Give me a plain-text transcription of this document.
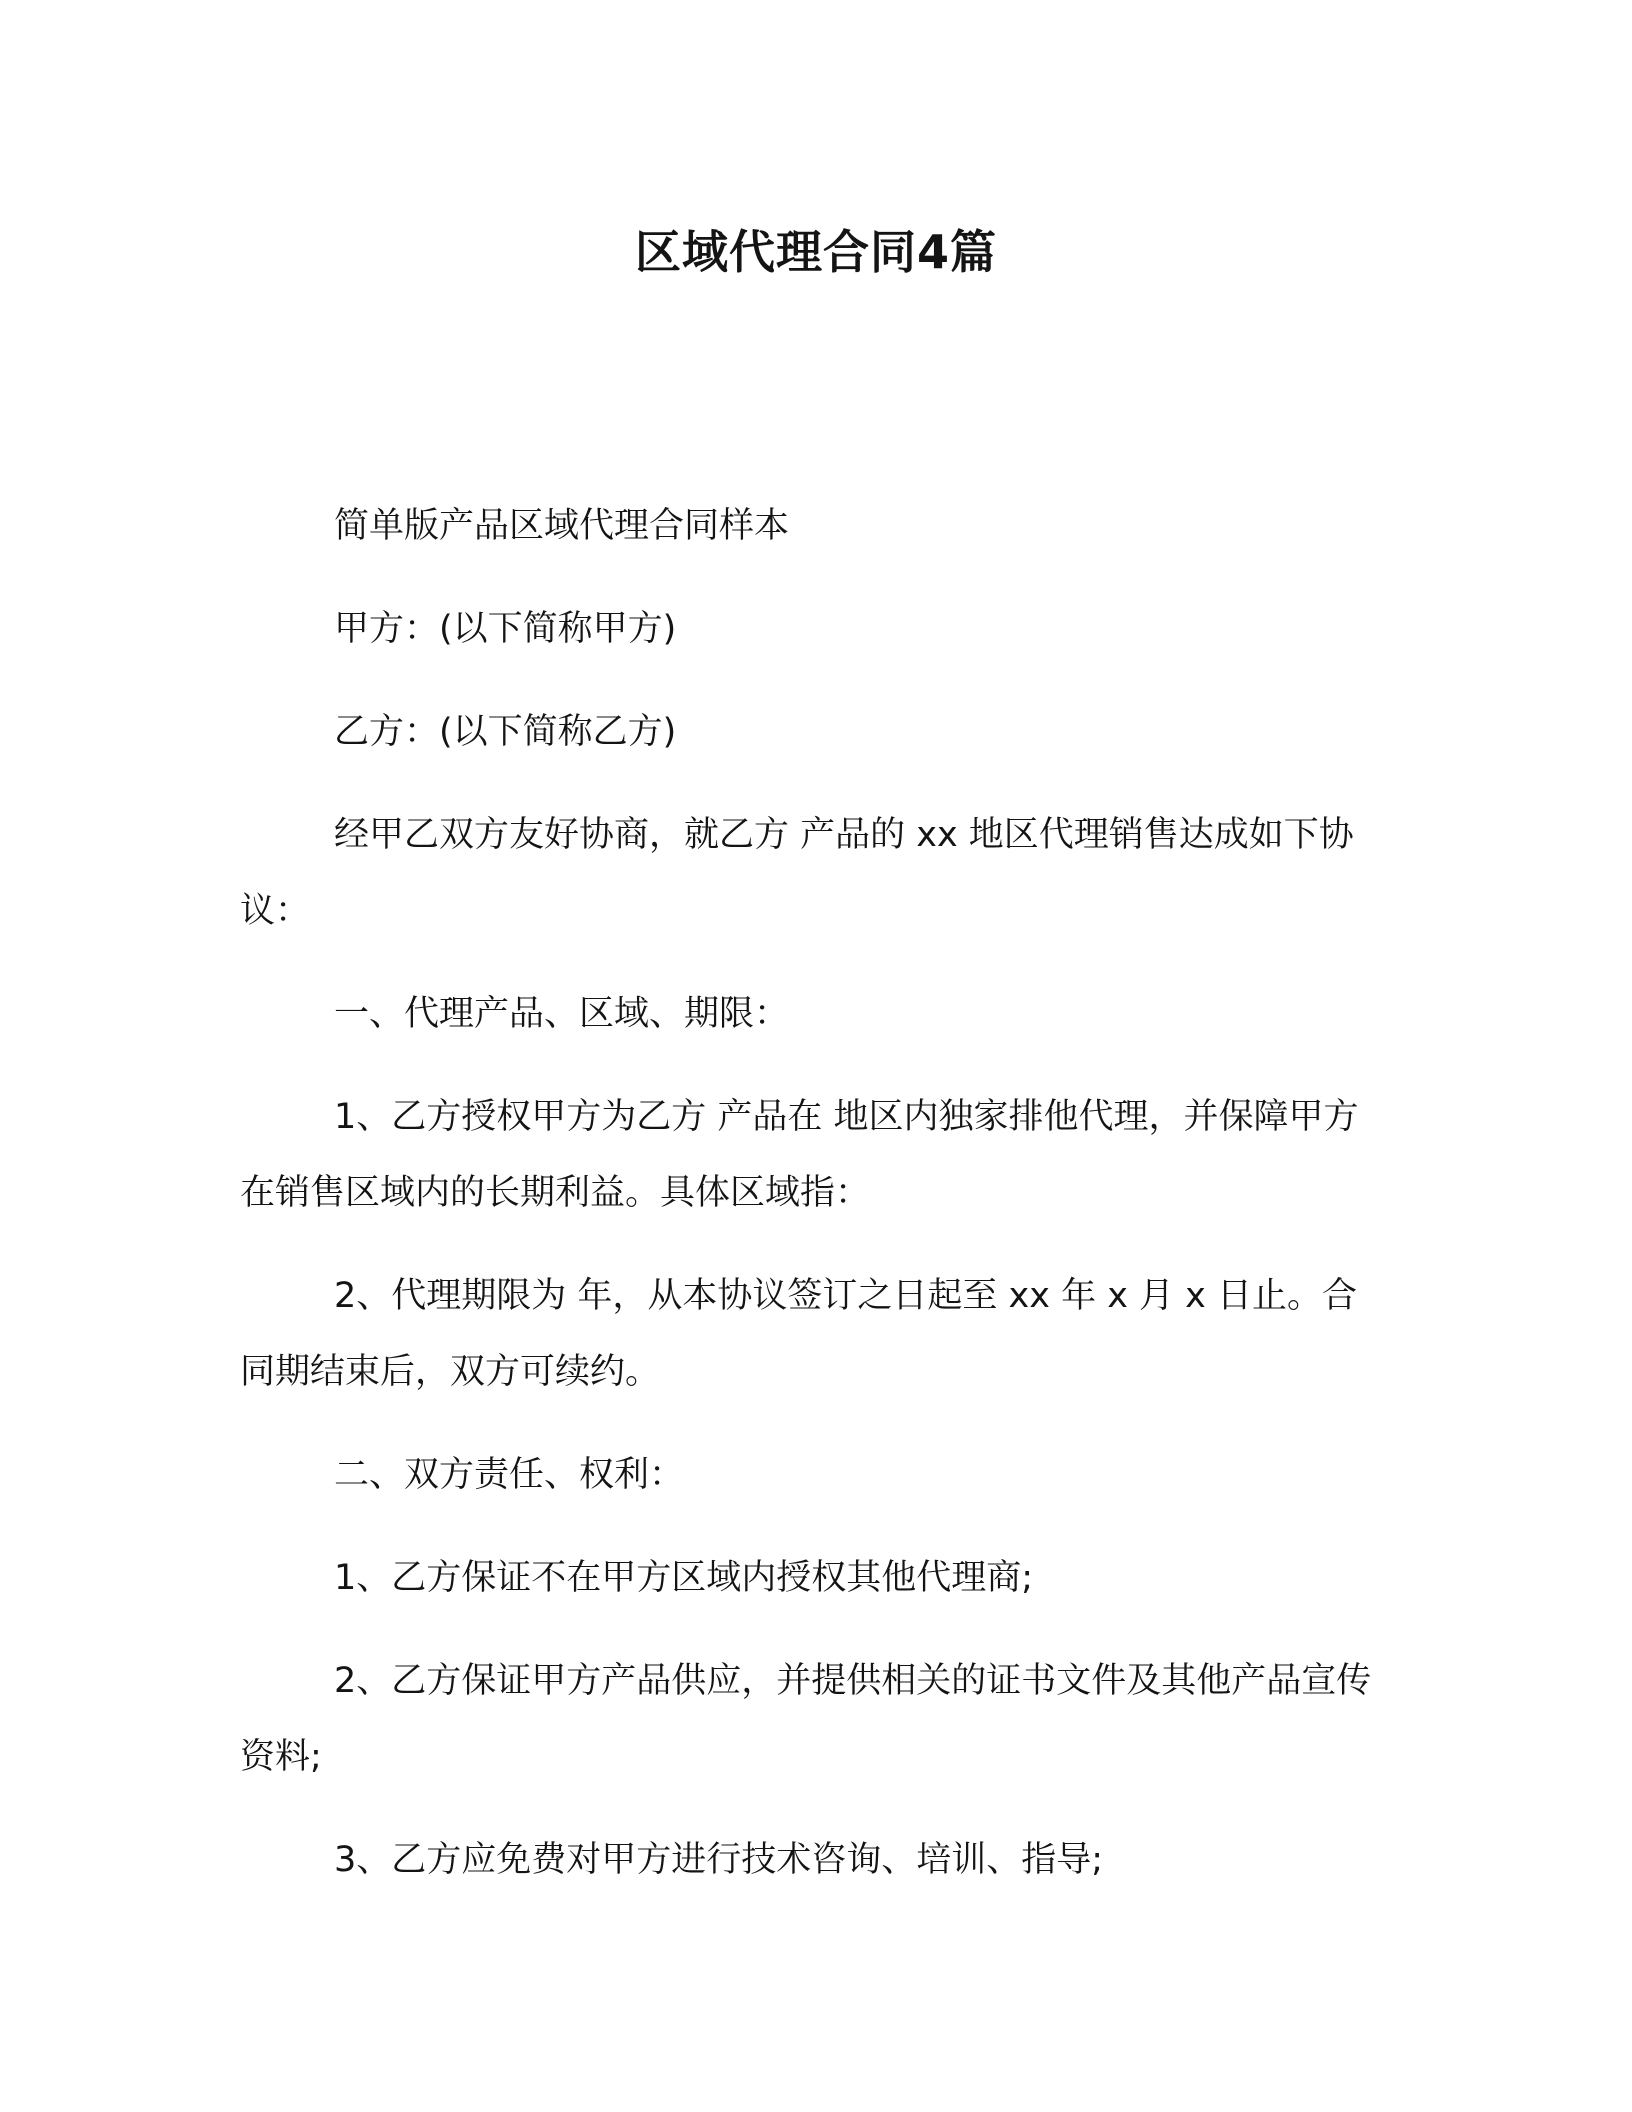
区域代理合同4篇

简单版产品区域代理合同样本

甲方：(以下简称甲方)

乙方：(以下简称乙方)

经甲乙双方友好协商，就乙方 产品的 xx 地区代理销售达成如下协议：

一、代理产品、区域、期限：

1、乙方授权甲方为乙方 产品在 地区内独家排他代理，并保障甲方在销售区域内的长期利益。具体区域指：

2、代理期限为 年，从本协议签订之日起至 xx 年 x 月 x 日止。合同期结束后，双方可续约。

二、双方责任、权利：

1、乙方保证不在甲方区域内授权其他代理商;

2、乙方保证甲方产品供应，并提供相关的证书文件及其他产品宣传资料;

3、乙方应免费对甲方进行技术咨询、培训、指导;
